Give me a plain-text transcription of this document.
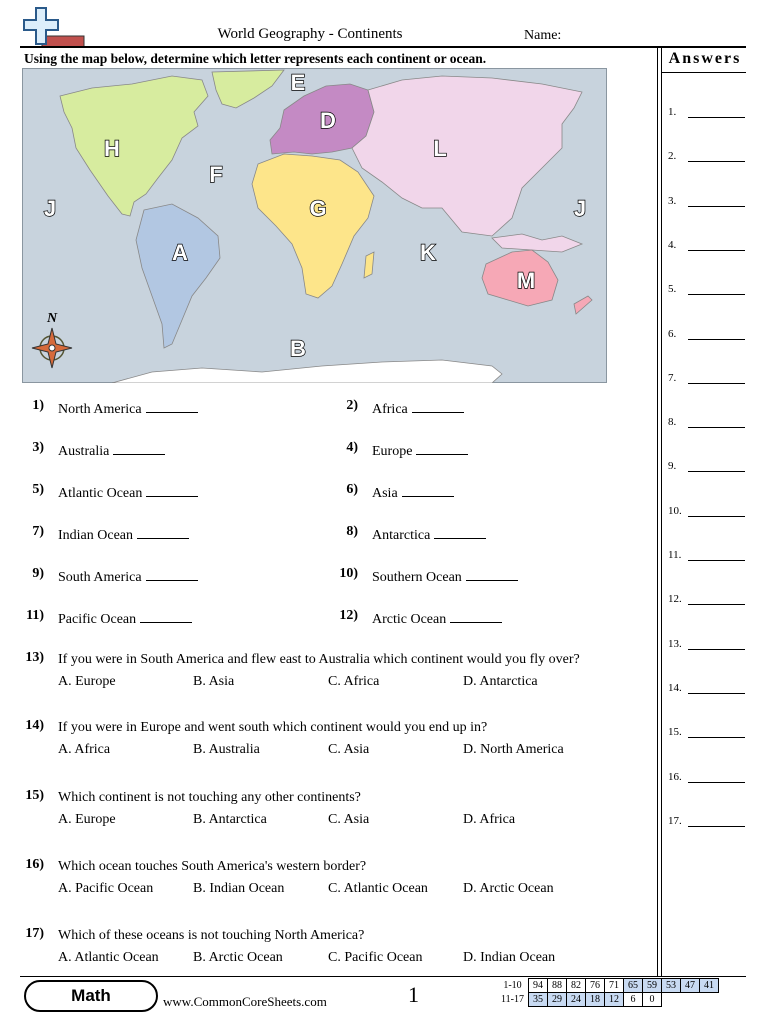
World Geography - Continents	Name:
Using the map below, determine which letter represents each continent or ocean.
N
E
D
H	L
F
G
J	J
A	K
M
B
Answers
1.
2.
3.
4.
5.
6.
7.
8.
9.
10.
11.
12.
13.
14.
15.
16.
17.
1) North America	2) Africa
3) Australia	4) Europe
5) Atlantic Ocean	6) Asia
7) Indian Ocean	8) Antarctica
9) South America	10) Southern Ocean
11) Pacific Ocean	12) Arctic Ocean
13) If you were in South America and flew east to Australia which continent would you fly over?
A. Europe	B. Asia	C. Africa	D. Antarctica
14) If you were in Europe and went south which continent would you end up in?
A. Africa	B. Australia	C. Asia	D. North America
15) Which continent is not touching any other continents?
A. Europe	B. Antarctica	C. Asia	D. Africa
16) Which ocean touches South America's western border?
A. Pacific Ocean	B. Indian Ocean	C. Atlantic Ocean	D. Arctic Ocean
17) Which of these oceans is not touching North America?
A. Atlantic Ocean B. Arctic Ocean	C. Pacific Ocean	D. Indian Ocean
Math	www.CommonCoreSheets.com	1	1-10	94	88	82	76	71	65	59	53	47	41
11-17	35	29	24	18	12	6	0			
